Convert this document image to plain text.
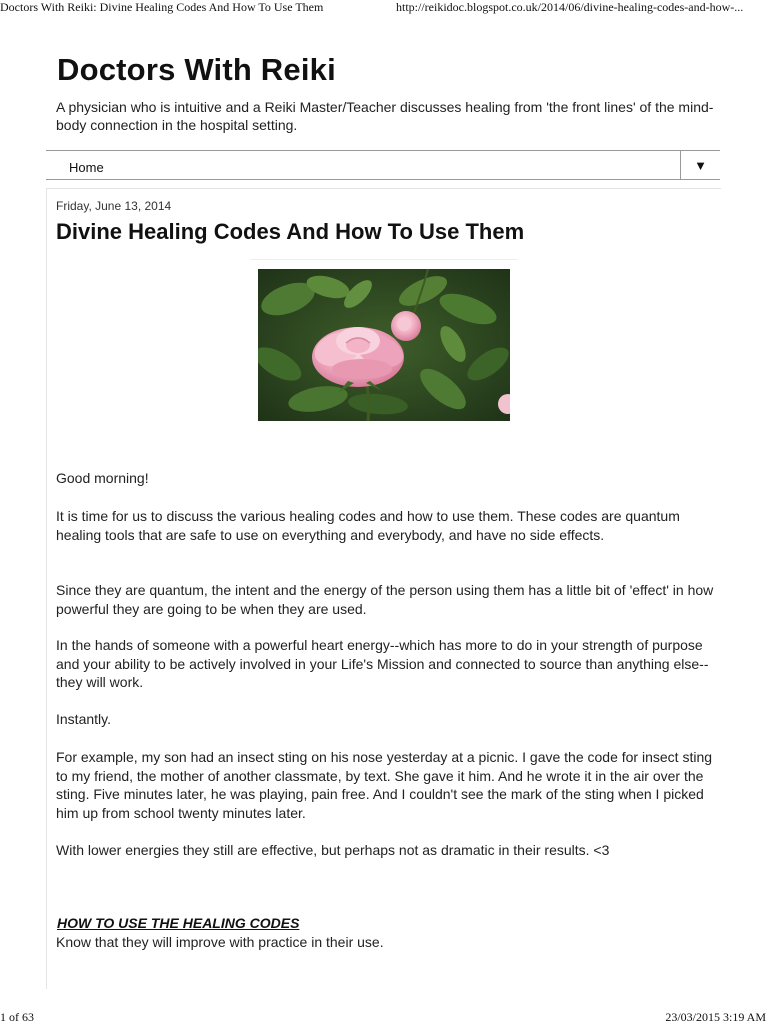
Doctors With Reiki: Divine Healing Codes And How To Use Them	http://reikidoc.blogspot.co.uk/2014/06/divine-healing-codes-and-how-...
Doctors With Reiki

A physician who is intuitive and a Reiki Master/Teacher discusses healing from 'the front lines' of the mind-body connection in the hospital setting.

Home	▼
Friday, June 13, 2014
Divine Healing Codes And How To Use Them

Good morning!

It is time for us to discuss the various healing codes and how to use them. These codes are quantum healing tools that are safe to use on everything and everybody, and have no side effects.

Since they are quantum, the intent and the energy of the person using them has a little bit of 'effect' in how powerful they are going to be when they are used.

In the hands of someone with a powerful heart energy--which has more to do in your strength of purpose and your ability to be actively involved in your Life's Mission and connected to source than anything else--they will work.

Instantly.

For example, my son had an insect sting on his nose yesterday at a picnic. I gave the code for insect sting to my friend, the mother of another classmate, by text. She gave it him. And he wrote it in the air over the sting. Five minutes later, he was playing, pain free. And I couldn't see the mark of the sting when I picked him up from school twenty minutes later.

With lower energies they still are effective, but perhaps not as dramatic in their results. <3

HOW TO USE THE HEALING CODES

Know that they will improve with practice in their use.

1 of 63	23/03/2015 3:19 AM
